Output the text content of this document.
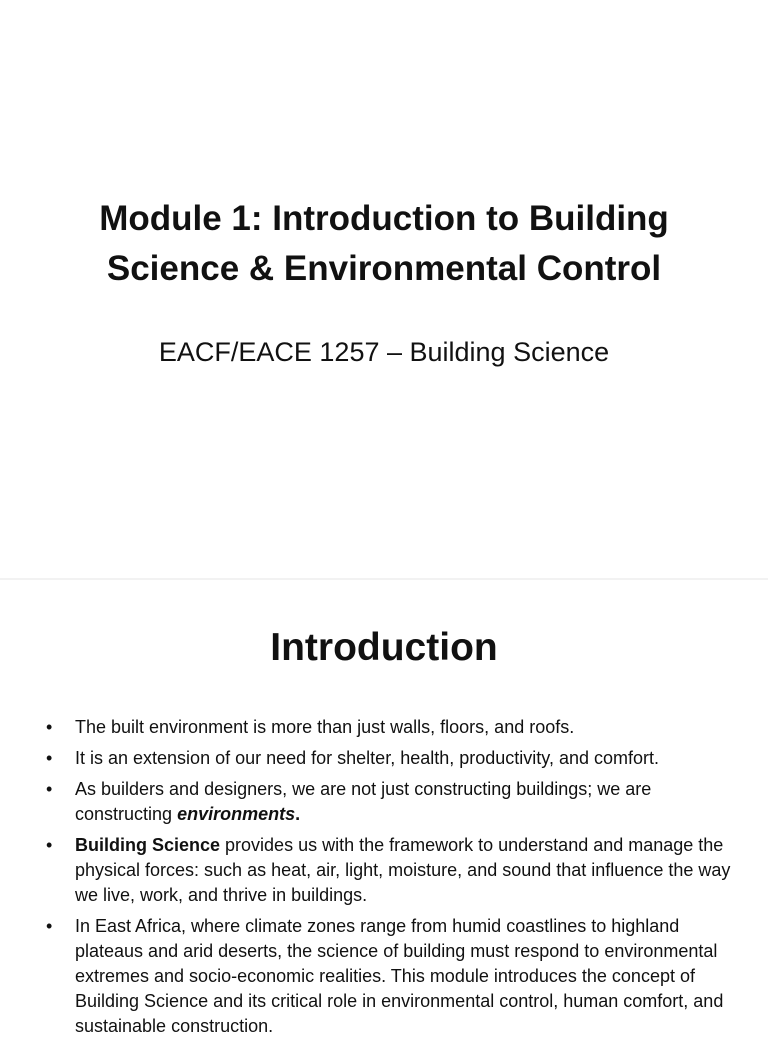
Module 1: Introduction to Building Science & Environmental Control

EACF/EACE 1257 – Building Science

Introduction
• The built environment is more than just walls, floors, and roofs.
• It is an extension of our need for shelter, health, productivity, and comfort.
• As builders and designers, we are not just constructing buildings; we are constructing environments.
• Building Science provides us with the framework to understand and manage the physical forces: such as heat, air, light, moisture, and sound that influence the way we live, work, and thrive in buildings.
• In East Africa, where climate zones range from humid coastlines to highland plateaus and arid deserts, the science of building must respond to environmental extremes and socio-economic realities. This module introduces the concept of Building Science and its critical role in environmental control, human comfort, and sustainable construction.
